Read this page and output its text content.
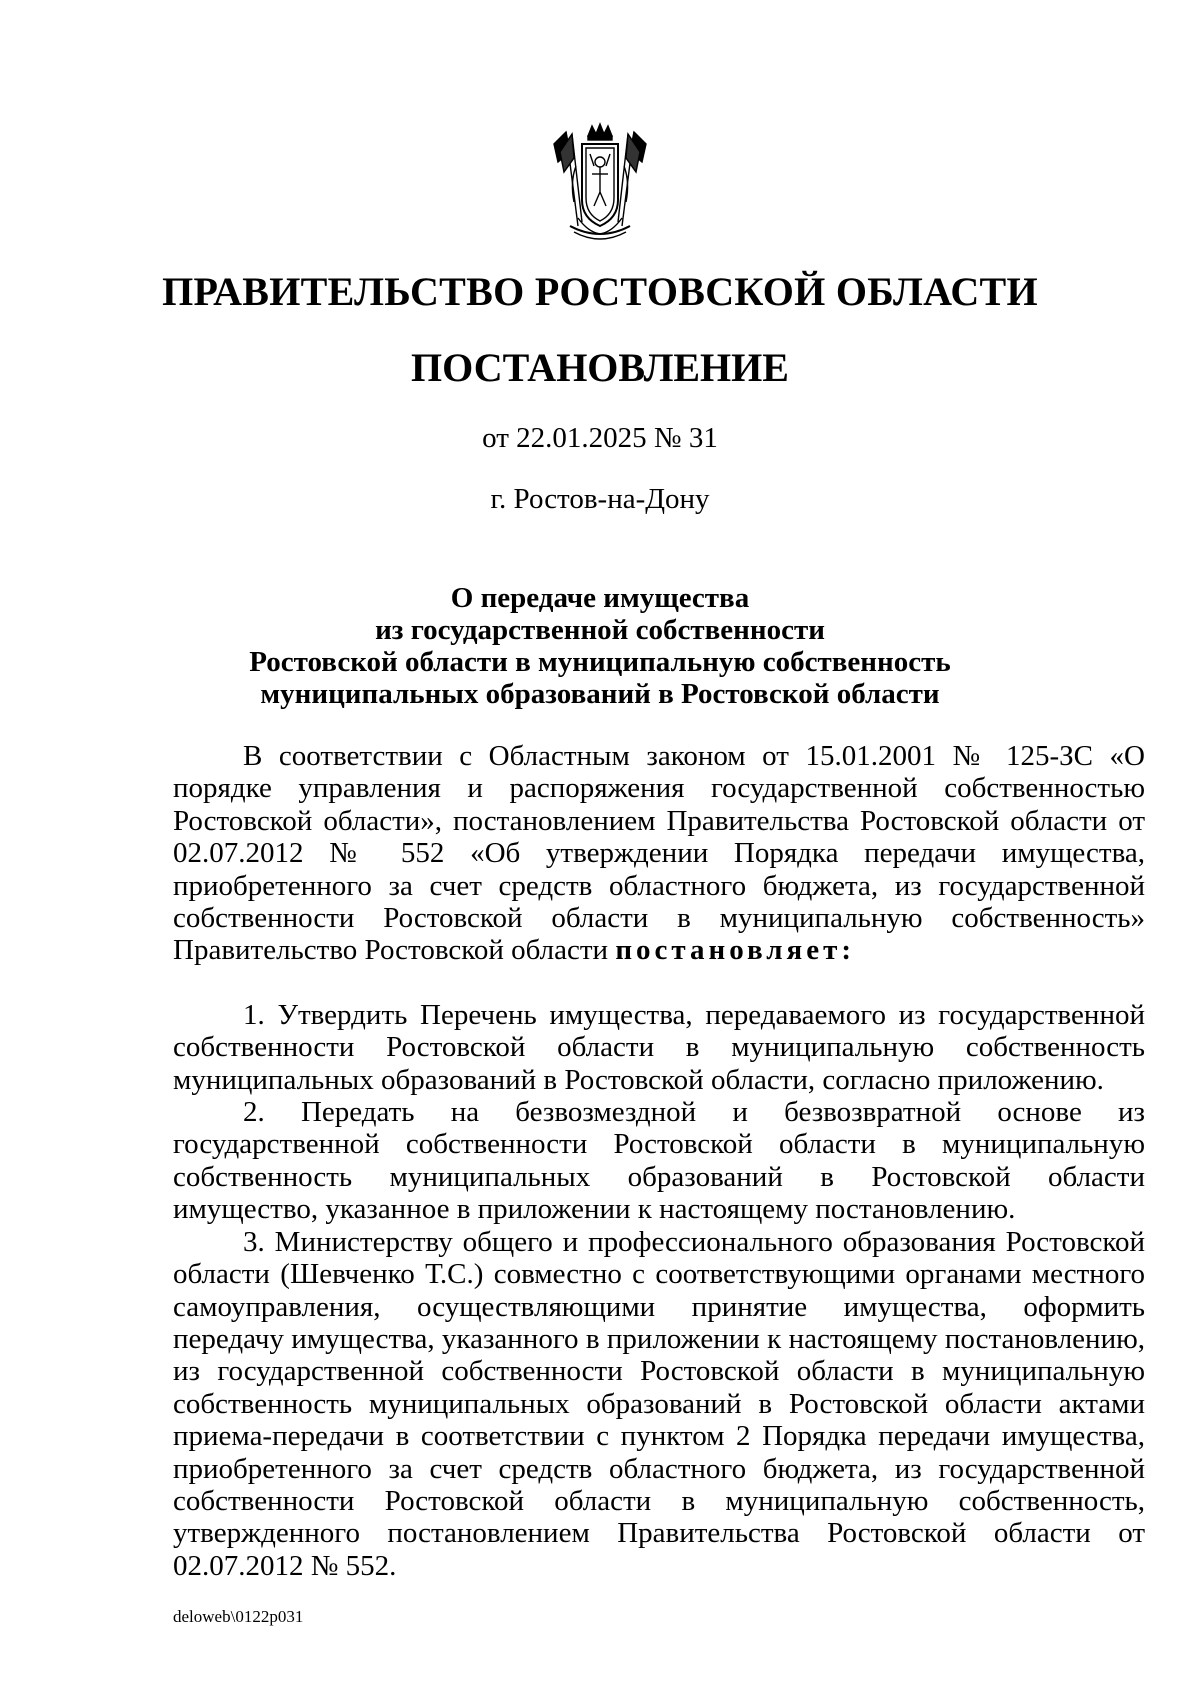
ПРАВИТЕЛЬСТВО РОСТОВСКОЙ ОБЛАСТИ
ПОСТАНОВЛЕНИЕ
от 22.01.2025 № 31
г. Ростов-на-Дону
О передаче имущества
из государственной собственности
Ростовской области в муниципальную собственность
муниципальных образований в Ростовской области

В соответствии с Областным законом от 15.01.2001 № 125-ЗС «О порядке управления и распоряжения государственной собственностью Ростовской области», постановлением Правительства Ростовской области от 02.07.2012 № 552 «Об утверждении Порядка передачи имущества, приобретенного за счет средств областного бюджета, из государственной собственности Ростовской области в муниципальную собственность» Правительство Ростовской области постановляет:

1. Утвердить Перечень имущества, передаваемого из государственной собственности Ростовской области в муниципальную собственность муниципальных образований в Ростовской области, согласно приложению.

2. Передать на безвозмездной и безвозвратной основе из государственной собственности Ростовской области в муниципальную собственность муниципальных образований в Ростовской области имущество, указанное в приложении к настоящему постановлению.

3. Министерству общего и профессионального образования Ростовской области (Шевченко Т.С.) совместно с соответствующими органами местного самоуправления, осуществляющими принятие имущества, оформить передачу имущества, указанного в приложении к настоящему постановлению, из государственной собственности Ростовской области в муниципальную собственность муниципальных образований в Ростовской области актами приема-передачи в соответствии с пунктом 2 Порядка передачи имущества, приобретенного за счет средств областного бюджета, из государственной собственности Ростовской области в муниципальную собственность, утвержденного постановлением Правительства Ростовской области от 02.07.2012 № 552.

deloweb\0122p031
